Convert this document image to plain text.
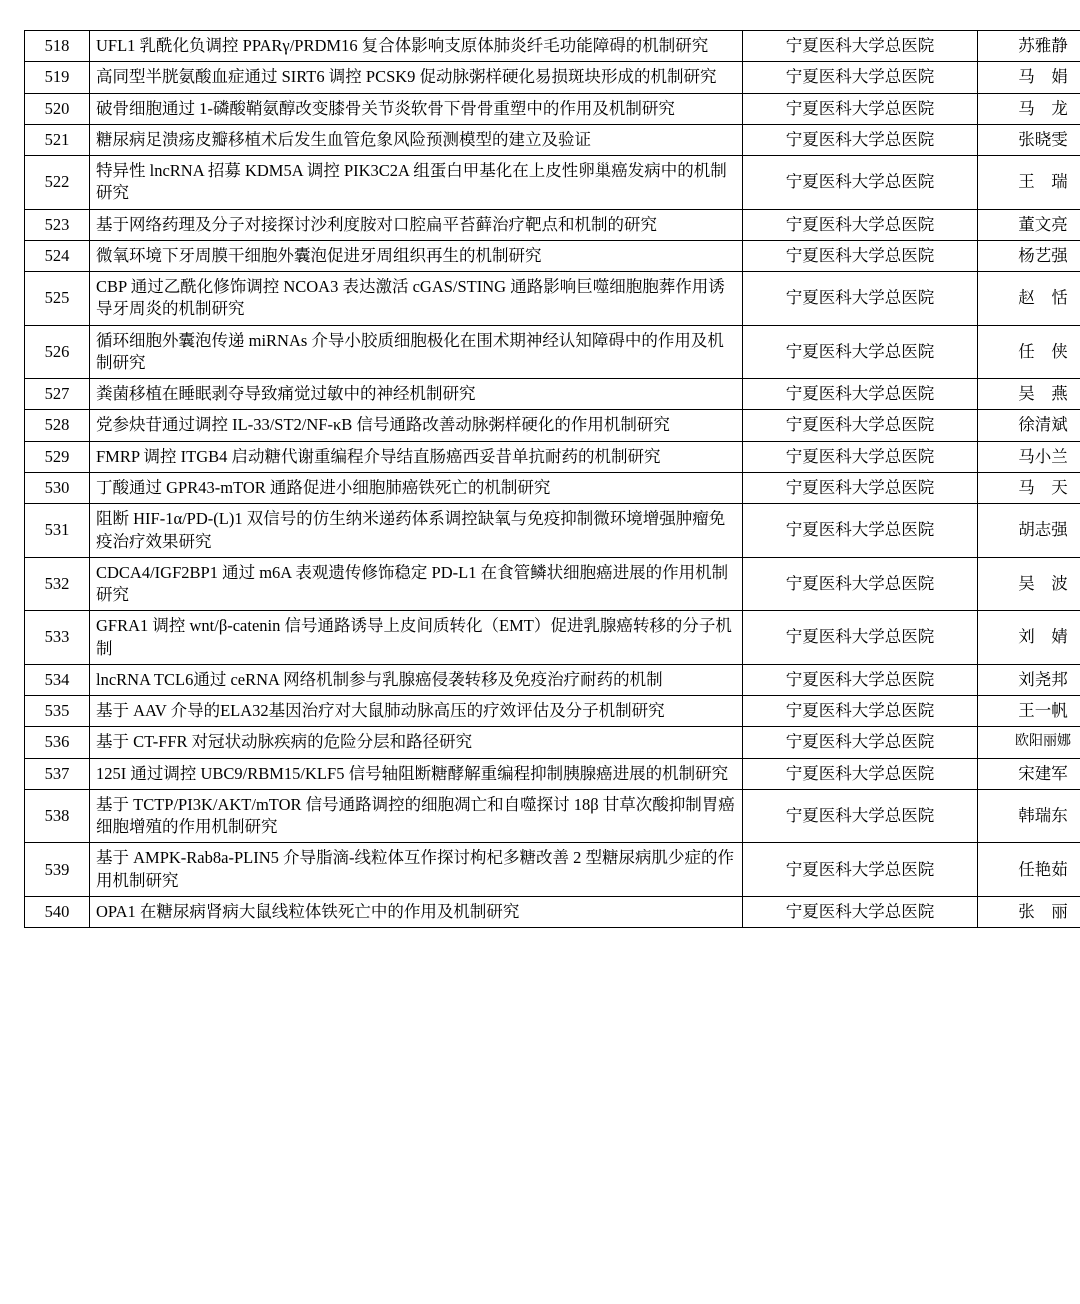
518	UFL1 乳酰化负调控 PPARγ/PRDM16 复合体影响支原体肺炎纤毛功能障碍的机制研究	宁夏医科大学总医院	苏雅静
519	高同型半胱氨酸血症通过 SIRT6 调控 PCSK9 促动脉粥样硬化易损斑块形成的机制研究	宁夏医科大学总医院	马　娟
520	破骨细胞通过 1-磷酸鞘氨醇改变膝骨关节炎软骨下骨骨重塑中的作用及机制研究	宁夏医科大学总医院	马　龙
521	糖尿病足溃疡皮瓣移植术后发生血管危象风险预测模型的建立及验证	宁夏医科大学总医院	张晓雯
522	特异性 lncRNA 招募 KDM5A 调控 PIK3C2A 组蛋白甲基化在上皮性卵巢癌发病中的机制研究	宁夏医科大学总医院	王　瑞
523	基于网络药理及分子对接探讨沙利度胺对口腔扁平苔藓治疗靶点和机制的研究	宁夏医科大学总医院	董文亮
524	微氧环境下牙周膜干细胞外囊泡促进牙周组织再生的机制研究	宁夏医科大学总医院	杨艺强
525	CBP 通过乙酰化修饰调控 NCOA3 表达激活 cGAS/STING 通路影响巨噬细胞胞葬作用诱导牙周炎的机制研究	宁夏医科大学总医院	赵　恬
526	循环细胞外囊泡传递 miRNAs 介导小胶质细胞极化在围术期神经认知障碍中的作用及机制研究	宁夏医科大学总医院	任　侠
527	粪菌移植在睡眠剥夺导致痛觉过敏中的神经机制研究	宁夏医科大学总医院	吴　燕
528	党参炔苷通过调控 IL-33/ST2/NF-κB 信号通路改善动脉粥样硬化的作用机制研究	宁夏医科大学总医院	徐清斌
529	FMRP 调控 ITGB4 启动糖代谢重编程介导结直肠癌西妥昔单抗耐药的机制研究	宁夏医科大学总医院	马小兰
530	丁酸通过 GPR43-mTOR 通路促进小细胞肺癌铁死亡的机制研究	宁夏医科大学总医院	马　天
531	阻断 HIF-1α/PD-(L)1 双信号的仿生纳米递药体系调控缺氧与免疫抑制微环境增强肿瘤免疫治疗效果研究	宁夏医科大学总医院	胡志强
532	CDCA4/IGF2BP1 通过 m6A 表观遗传修饰稳定 PD-L1 在食管鳞状细胞癌进展的作用机制研究	宁夏医科大学总医院	吴　波
533	GFRA1 调控 wnt/β-catenin 信号通路诱导上皮间质转化（EMT）促进乳腺癌转移的分子机制	宁夏医科大学总医院	刘　婧
534	lncRNA TCL6通过 ceRNA 网络机制参与乳腺癌侵袭转移及免疫治疗耐药的机制	宁夏医科大学总医院	刘尧邦
535	基于 AAV 介导的ELA32基因治疗对大鼠肺动脉高压的疗效评估及分子机制研究	宁夏医科大学总医院	王一帆
536	基于 CT-FFR 对冠状动脉疾病的危险分层和路径研究	宁夏医科大学总医院	欧阳丽娜
537	125I 通过调控 UBC9/RBM15/KLF5 信号轴阻断糖酵解重编程抑制胰腺癌进展的机制研究	宁夏医科大学总医院	宋建军
538	基于 TCTP/PI3K/AKT/mTOR 信号通路调控的细胞凋亡和自噬探讨 18β 甘草次酸抑制胃癌细胞增殖的作用机制研究	宁夏医科大学总医院	韩瑞东
539	基于 AMPK-Rab8a-PLIN5 介导脂滴-线粒体互作探讨枸杞多糖改善 2 型糖尿病肌少症的作用机制研究	宁夏医科大学总医院	任艳茹
540	OPA1 在糖尿病肾病大鼠线粒体铁死亡中的作用及机制研究	宁夏医科大学总医院	张　丽
